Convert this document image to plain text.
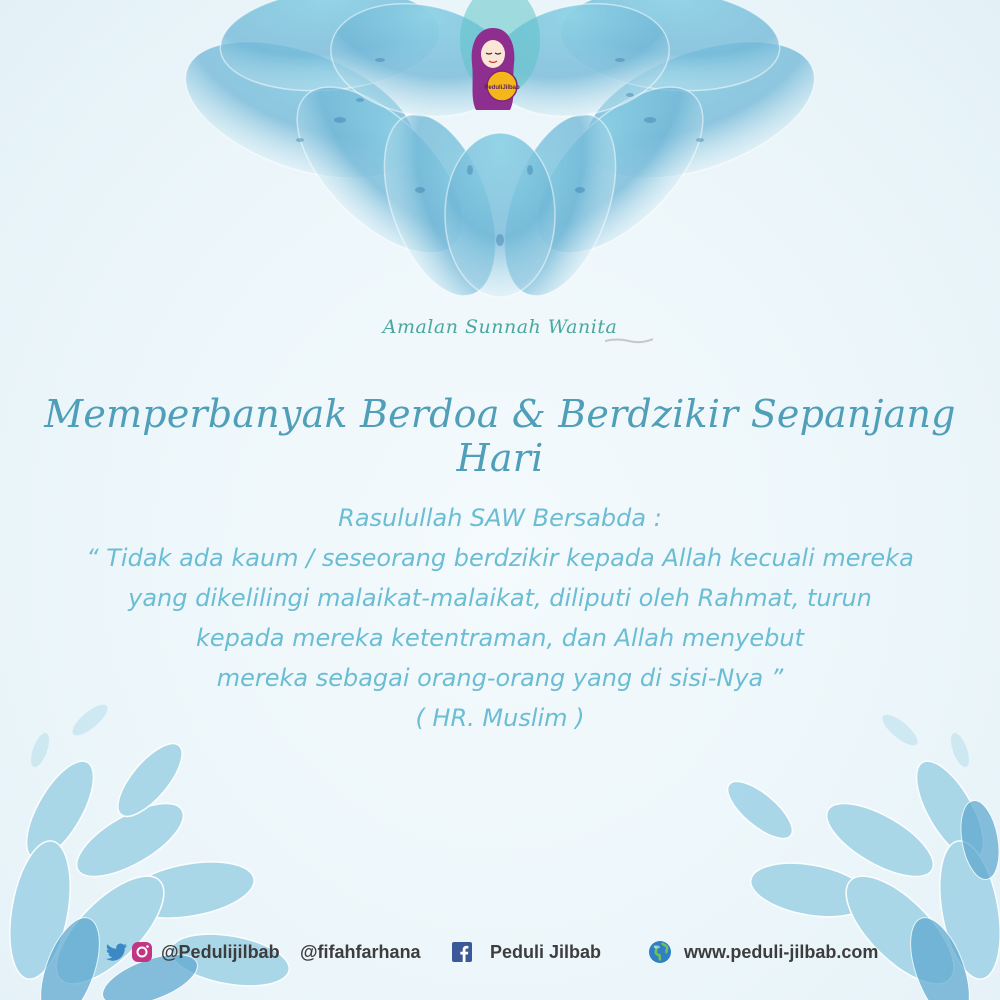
PeduliJilbab
Amalan Sunnah Wanita
Memperbanyak Berdoa & Berdzikir Sepanjang Hari
Rasulullah SAW Bersabda :
“ Tidak ada kaum / seseorang berdzikir kepada Allah kecuali mereka
yang dikelilingi malaikat-malaikat, diliputi oleh Rahmat, turun
kepada mereka ketentraman, dan Allah menyebut
mereka sebagai orang-orang yang di sisi-Nya ”
( HR. Muslim )
@Pedulijilbab @fifahfarhana	Peduli Jilbab	www.peduli-jilbab.com
